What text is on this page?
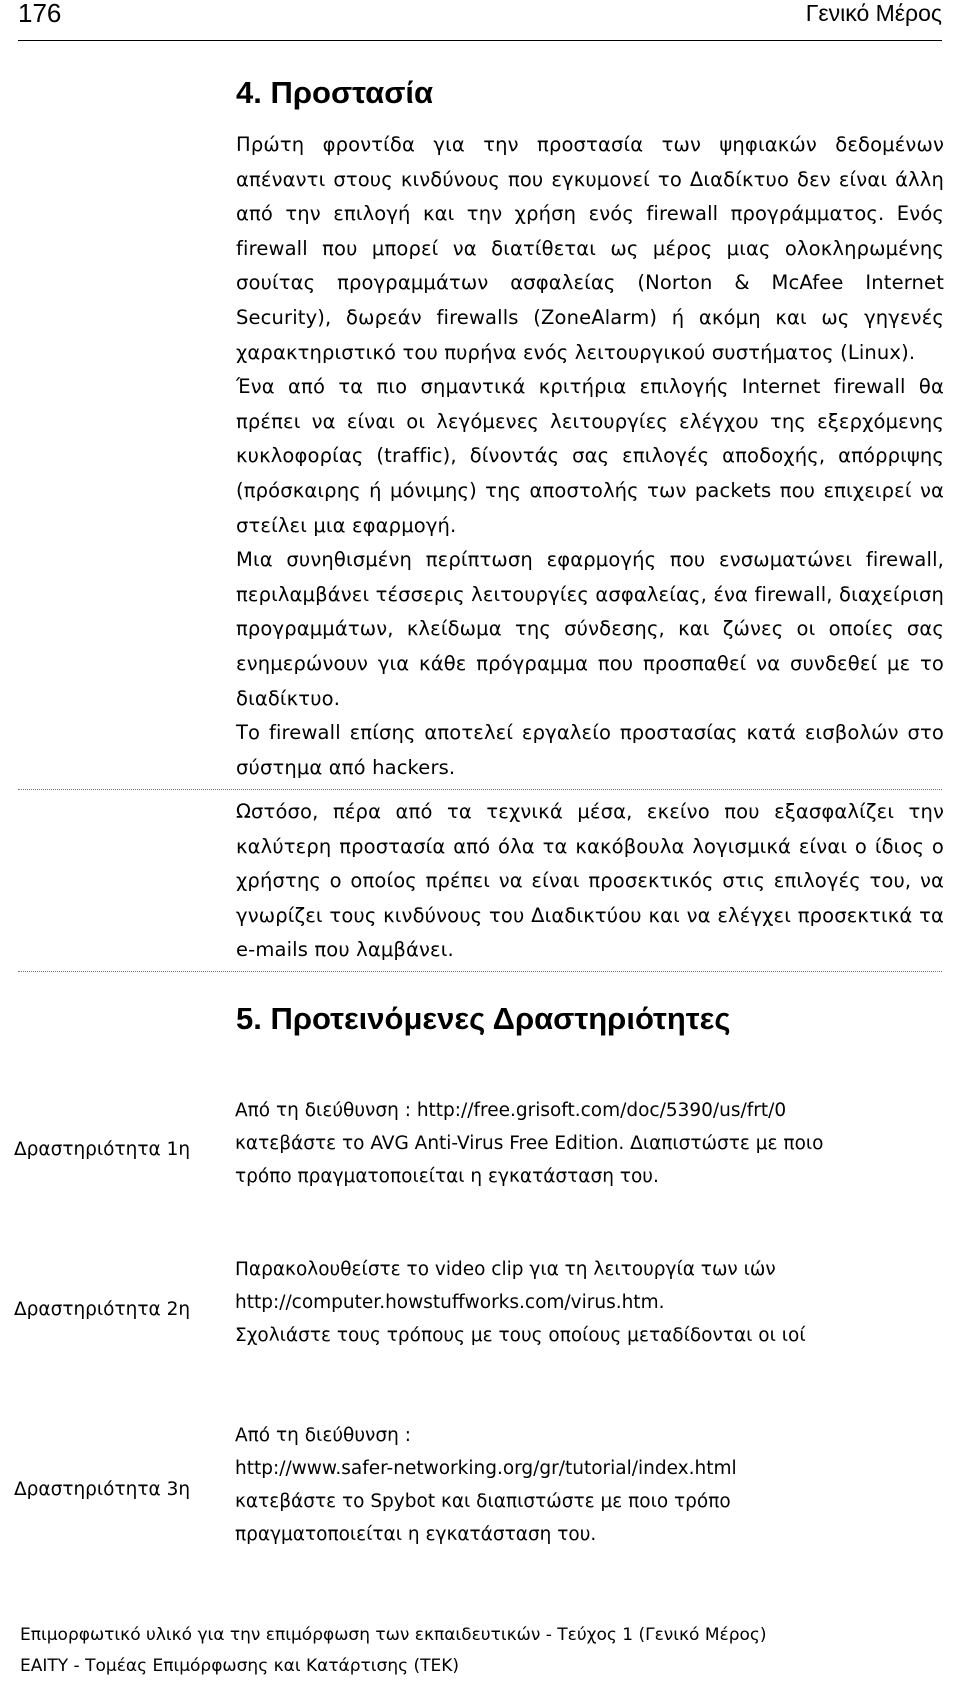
176	Γενικό Μέρος
4. Προστασία

Πρώτη φροντίδα για την προστασία των ψηφιακών δεδομένων απέναντι στους κινδύνους που εγκυμονεί το Διαδίκτυο δεν είναι άλλη από την επιλογή και την χρήση ενός firewall προγράμματος. Ενός firewall που μπορεί να διατίθεται ως μέρος μιας ολοκληρωμένης σουίτας προγραμμάτων ασφαλείας (Norton & McAfee Internet Security), δωρεάν firewalls (ZoneAlarm) ή ακόμη και ως γηγενές χαρακτηριστικό του πυρήνα ενός λειτουργικού συστήματος (Linux).

Ένα από τα πιο σημαντικά κριτήρια επιλογής Internet firewall θα πρέπει να είναι οι λεγόμενες λειτουργίες ελέγχου της εξερχόμενης κυκλοφορίας (traffic), δίνοντάς σας επιλογές αποδοχής, απόρριψης (πρόσκαιρης ή μόνιμης) της αποστολής των packets που επιχειρεί να στείλει μια εφαρμογή.

Μια συνηθισμένη περίπτωση εφαρμογής που ενσωματώνει firewall, περιλαμβάνει τέσσερις λειτουργίες ασφαλείας, ένα firewall, διαχείριση προγραμμάτων, κλείδωμα της σύνδεσης, και ζώνες οι οποίες σας ενημερώνουν για κάθε πρόγραμμα που προσπαθεί να συνδεθεί με το διαδίκτυο.

Το firewall επίσης αποτελεί εργαλείο προστασίας κατά εισβολών στο σύστημα από hackers.

Ωστόσο, πέρα από τα τεχνικά μέσα, εκείνο που εξασφαλίζει την καλύτερη προστασία από όλα τα κακόβουλα λογισμικά είναι ο ίδιος ο χρήστης ο οποίος πρέπει να είναι προσεκτικός στις επιλογές του, να γνωρίζει τους κινδύνους του Διαδικτύου και να ελέγχει προσεκτικά τα e-mails που λαμβάνει.

5. Προτεινόμενες Δραστηριότητες
Δραστηριότητα 1η
Από τη διεύθυνση : http://free.grisoft.com/doc/5390/us/frt/0
κατεβάστε το AVG Anti-Virus Free Edition. Διαπιστώστε με ποιο
τρόπο πραγματοποιείται η εγκατάσταση του.
Δραστηριότητα 2η
Παρακολουθείστε το video clip για τη λειτουργία των ιών
http://computer.howstuffworks.com/virus.htm.
Σχολιάστε τους τρόπους με τους οποίους μεταδίδονται οι ιοί
Δραστηριότητα 3η
Από τη διεύθυνση :
http://www.safer-networking.org/gr/tutorial/index.html
κατεβάστε το Spybot και διαπιστώστε με ποιο τρόπο
πραγματοποιείται η εγκατάσταση του.
Επιμορφωτικό υλικό για την επιμόρφωση των εκπαιδευτικών - Τεύχος 1 (Γενικό Μέρος)
ΕΑΙΤΥ - Τομέας Επιμόρφωσης και Κατάρτισης (ΤΕΚ)
